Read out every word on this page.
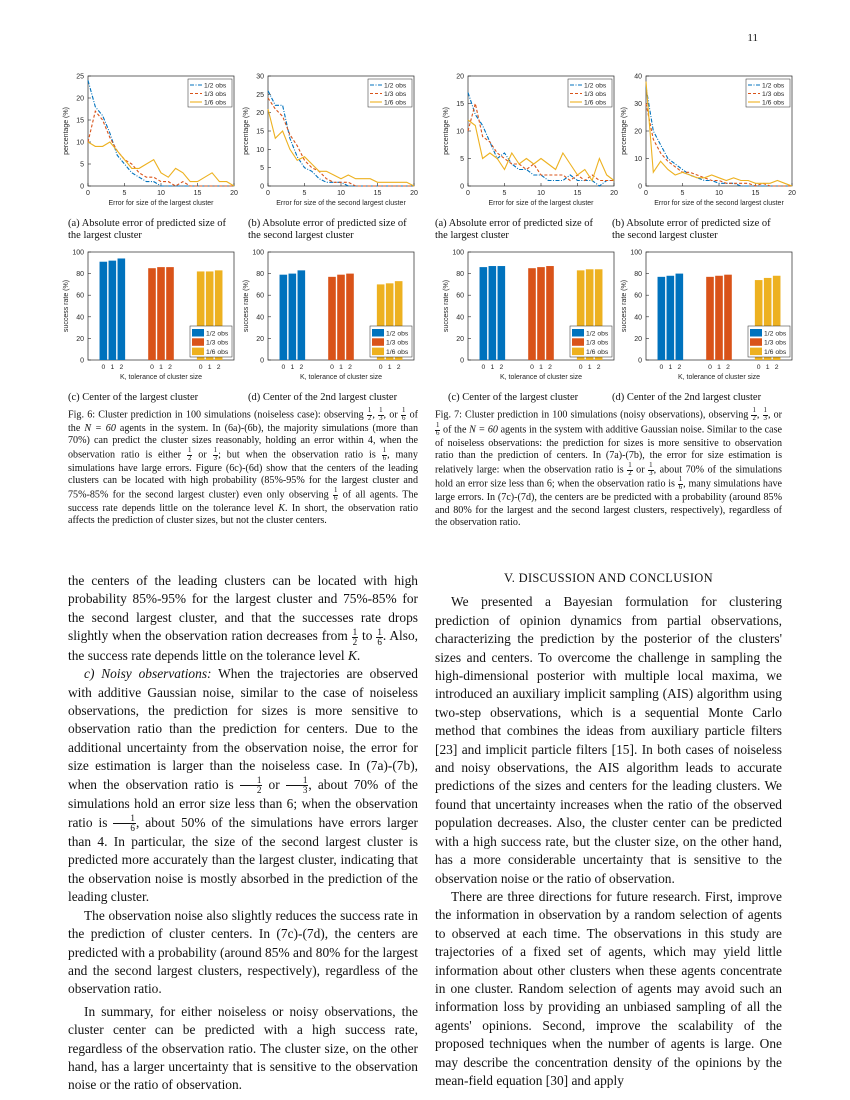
11
0
5
10
15
20
25
percentage (%)
Error for size of the largest cluster
0	5	10	15	20
1/2 obs
1/3 obs
1/6 obs
0
5
10
15
20
25
30
percentage (%)
Error for size of the second largest cluster
0	5	10	15	20
1/2 obs
1/3 obs
1/6 obs
0
5
10
15
20
percentage (%)
Error for size of the largest cluster
0	5	10	15	20
1/2 obs
1/3 obs
1/6 obs
0
10
20
30
40
percentage (%)
Error for size of the second largest cluster
0	5	10	15	20
1/2 obs
1/3 obs
1/6 obs
(a) Absolute error of predicted size of the largest cluster
(b) Absolute error of predicted size of the second largest cluster
(a) Absolute error of predicted size of the largest cluster
(b) Absolute error of predicted size of the second largest cluster
0
20
40
60
80
100
success rate (%)
K, tolerance of cluster size
0 1 2	0 1 2	0 1 2
1/2 obs
1/3 obs
1/6 obs
0
20
40
60
80
100
success rate (%)
K, tolerance of cluster size
0 1 2	0 1 2	0 1 2
1/2 obs
1/3 obs
1/6 obs
0
20
40
60
80
100
success rate (%)
K, tolerance of cluster size
0 1 2	0 1 2	0 1 2
1/2 obs
1/3 obs
1/6 obs
0
20
40
60
80
100
success rate (%)
K, tolerance of cluster size
0 1 2	0 1 2	0 1 2
1/2 obs
1/3 obs
1/6 obs
(c) Center of the largest cluster	(d) Center of the 2nd largest cluster	(c) Center of the largest cluster	(d) Center of the 2nd largest cluster
Fig. 6: Cluster prediction in 100 simulations (noiseless case): observing $\frac{1}{2}$ , $\frac{1}{3}$ , or $\frac{1}{6}$ of the N = 60 agents in the system. In (6a)-(6b), the majority simulations (more than 70%) can predict the cluster sizes reasonably, holding an error within 4, when the observation ratio is either $\frac{1}{2}$ or $\frac{1}{3}$ ; but when the observation ratio is $\frac{1}{6}$ , many simulations have large errors. Figure (6c)-(6d) show that the centers of the leading clusters can be located with high probability (85%-95% for the largest cluster and 75%-85% for the second largest cluster) even only observing $\frac{1}{6}$ of all agents. The success rate depends little on the tolerance level K. In short, the observation ratio affects the prediction of cluster sizes, but not the cluster centers.
Fig. 7: Cluster prediction in 100 simulations (noisy observations), observing $\frac{1}{2}$ , $\frac{1}{3}$ , or
$\frac{1}{6}$ of the N = 60 agents in the system with additive Gaussian noise. Similar to the case of noiseless observations: the prediction for sizes is more sensitive to observation ratio than the prediction of centers. In (7a)-(7b), the error for size estimation is relatively large: when the observation ratio is $\frac{1}{2}$ or $\frac{1}{3}$ , about 70% of the simulations hold an error size less than 6; when the observation ratio is $\frac{1}{6}$ , many simulations have large errors. In (7c)-(7d), the centers are be predicted with a probability (around 85% and 80% for the largest and the second largest clusters, respectively), regardless of the observation ratio.

the centers of the leading clusters can be located with high probability 85%-95% for the largest cluster and 75%-85% for the second largest cluster, and that the successes rate drops slightly when the observation ration decreases from $\frac{1}{2}$ to $\frac{1}{6}$ . Also, the success rate depends little on the tolerance level K.

c) Noisy observations: When the trajectories are observed with additive Gaussian noise, similar to the case of noiseless observations, the prediction for sizes is more sensitive to observation ratio than the prediction for centers. Due to the additional uncertainty from the observation noise, the error for size estimation is larger than the noiseless case. In (7a)-(7b), when the observation ratio is $\frac{1}{2}$ or $\frac{1}{3}$ , about 70% of the simulations hold an error size less than 6; when the observation ratio is $\frac{1}{6}$ , about 50% of the simulations have errors larger than 4. In particular, the size of the second largest cluster is predicted more accurately than the largest cluster, indicating that the observation noise is mostly absorbed in the prediction of the leading cluster.

The observation noise also slightly reduces the success rate in the prediction of cluster centers. In (7c)-(7d), the centers are predicted with a probability (around 85% and 80% for the largest and the second largest clusters, respectively), regardless of the observation ratio.

In summary, for either noiseless or noisy observations, the cluster center can be predicted with a high success rate, regardless of the observation ratio. The cluster size, on the other hand, has a larger uncertainty that is sensitive to the observation noise or the ratio of observation.

V. DISCUSSION AND CONCLUSION

We presented a Bayesian formulation for clustering prediction of opinion dynamics from partial observations, characterizing the prediction by the posterior of the clusters' sizes and centers. To overcome the challenge in sampling the high-dimensional posterior with multiple local maxima, we introduced an auxiliary implicit sampling (AIS) algorithm using two-step observations, which is a sequential Monte Carlo method that combines the ideas from auxiliary particle filters [23] and implicit particle filters [15]. In both cases of noiseless and noisy observations, the AIS algorithm leads to accurate predictions of the sizes and centers for the leading clusters. We found that uncertainty increases when the ratio of the observed population decreases. Also, the cluster center can be predicted with a high success rate, but the cluster size, on the other hand, has a more considerable uncertainty that is sensitive to the observation noise or the ratio of observation.

There are three directions for future research. First, improve the information in observation by a random selection of agents to observed at each time. The observations in this study are trajectories of a fixed set of agents, which may yield little information about other clusters when these agents concentrate in one cluster. Random selection of agents may avoid such an information loss by providing an unbiased sampling of all the agents' opinions. Second, improve the scalability of the proposed techniques when the number of agents is large. One may describe the concentration density of the opinions by the mean-field equation [30] and apply
